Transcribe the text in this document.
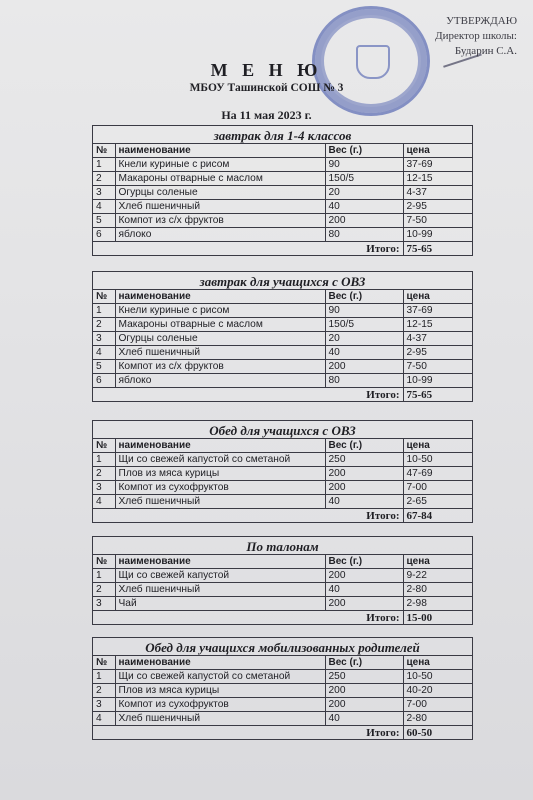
УТВЕРЖДАЮ
Директор школы:
Бударин С.А.
М Е Н Ю
МБОУ Ташинской СОШ № 3
На 11 мая 2023 г.
завтрак для 1-4 классов
№	наименование	Вес (г.)	цена
1	Кнели куриные с рисом	90	37-69
2	Макароны отварные с маслом	150/5	12-15
3	Огурцы соленые	20	4-37
4	Хлеб пшеничный	40	2-95
5	Компот из с/х фруктов	200	7-50
6	яблоко	80	10-99
Итого:			75-65
завтрак для учащихся с ОВЗ
№	наименование	Вес (г.)	цена
1	Кнели куриные с рисом	90	37-69
2	Макароны отварные с маслом	150/5	12-15
3	Огурцы соленые	20	4-37
4	Хлеб пшеничный	40	2-95
5	Компот из с/х фруктов	200	7-50
6	яблоко	80	10-99
Итого:			75-65
Обед для учащихся с ОВЗ
№	наименование	Вес (г.)	цена
1	Щи со свежей капустой со сметаной	250	10-50
2	Плов из мяса курицы	200	47-69
3	Компот из сухофруктов	200	7-00
4	Хлеб пшеничный	40	2-65
Итого:			67-84
По талонам
№	наименование	Вес (г.)	цена
1	Щи со свежей капустой	200	9-22
2	Хлеб пшеничный	40	2-80
3	Чай	200	2-98
Итого:			15-00
Обед для учащихся мобилизованных родителей
№	наименование	Вес (г.)	цена
1	Щи со свежей капустой со сметаной	250	10-50
2	Плов из мяса курицы	200	40-20
3	Компот из сухофруктов	200	7-00
4	Хлеб пшеничный	40	2-80
Итого:			60-50
